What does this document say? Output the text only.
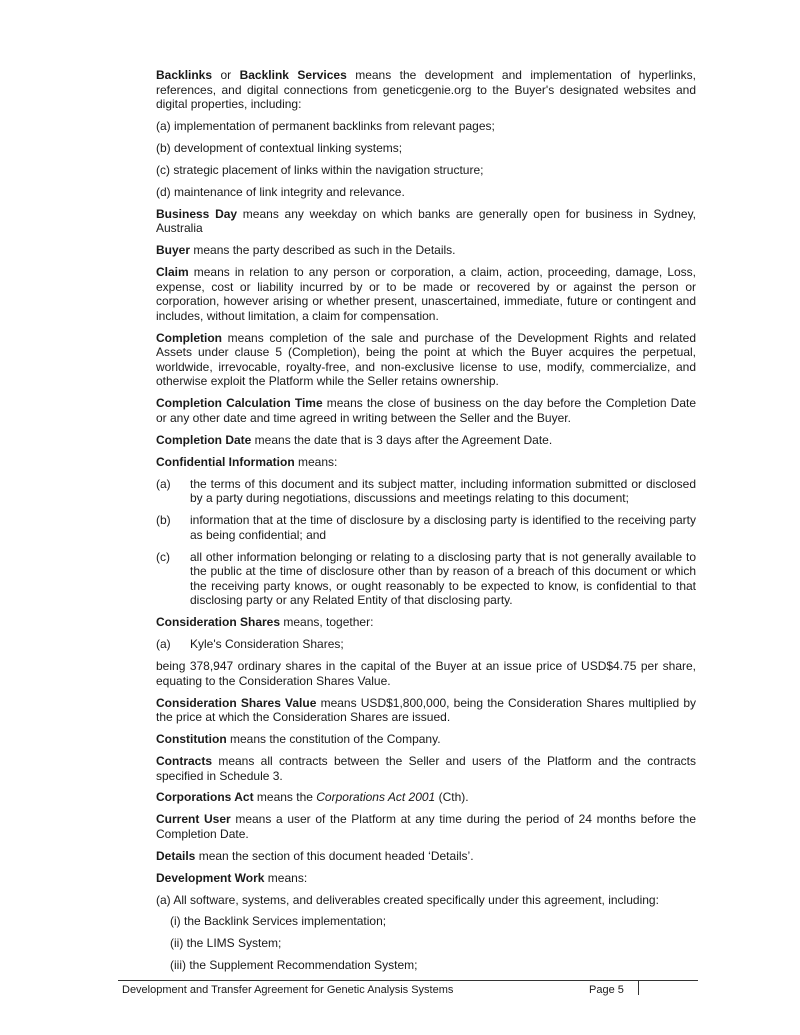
Backlinks or Backlink Services means the development and implementation of hyperlinks, references, and digital connections from geneticgenie.org to the Buyer's designated websites and digital properties, including:

(a) implementation of permanent backlinks from relevant pages;

(b) development of contextual linking systems;

(c) strategic placement of links within the navigation structure;

(d) maintenance of link integrity and relevance.

Business Day means any weekday on which banks are generally open for business in Sydney, Australia

Buyer means the party described as such in the Details.

Claim means in relation to any person or corporation, a claim, action, proceeding, damage, Loss, expense, cost or liability incurred by or to be made or recovered by or against the person or corporation, however arising or whether present, unascertained, immediate, future or contingent and includes, without limitation, a claim for compensation.

Completion means completion of the sale and purchase of the Development Rights and related Assets under clause 5 (Completion), being the point at which the Buyer acquires the perpetual, worldwide, irrevocable, royalty-free, and non-exclusive license to use, modify, commercialize, and otherwise exploit the Platform while the Seller retains ownership.

Completion Calculation Time means the close of business on the day before the Completion Date or any other date and time agreed in writing between the Seller and the Buyer.

Completion Date means the date that is 3 days after the Agreement Date.

Confidential Information means:

(a)	the terms of this document and its subject matter, including information submitted or disclosed by a party during negotiations, discussions and meetings relating to this document;
(b)	information that at the time of disclosure by a disclosing party is identified to the receiving party as being confidential; and
(c)	all other information belonging or relating to a disclosing party that is not generally available to the public at the time of disclosure other than by reason of a breach of this document or which the receiving party knows, or ought reasonably to be expected to know, is confidential to that disclosing party or any Related Entity of that disclosing party.

Consideration Shares means, together:

(a)	Kyle's Consideration Shares;

being 378,947 ordinary shares in the capital of the Buyer at an issue price of USD$4.75 per share, equating to the Consideration Shares Value.

Consideration Shares Value means USD$1,800,000, being the Consideration Shares multiplied by the price at which the Consideration Shares are issued.

Constitution means the constitution of the Company.

Contracts means all contracts between the Seller and users of the Platform and the contracts specified in Schedule 3.

Corporations Act means the Corporations Act 2001 (Cth).

Current User means a user of the Platform at any time during the period of 24 months before the Completion Date.

Details mean the section of this document headed ‘Details’.

Development Work means:

(a) All software, systems, and deliverables created specifically under this agreement, including:

(i) the Backlink Services implementation;

(ii) the LIMS System;

(iii) the Supplement Recommendation System;

Development and Transfer Agreement for Genetic Analysis Systems	Page 5
